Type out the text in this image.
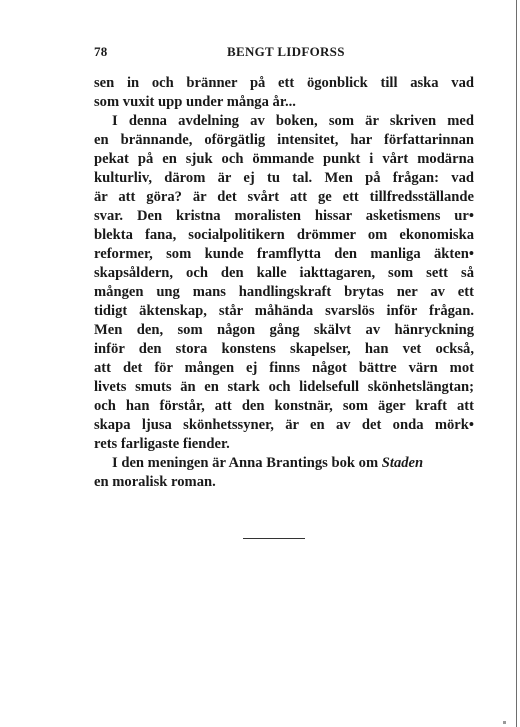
78	BENGT LIDFORSS
sen in och bränner på ett ögonblick till aska vad
som vuxit upp under många år...
I denna avdelning av boken, som är skriven med
en brännande, oförgätlig intensitet, har författarinnan
pekat på en sjuk och ömmande punkt i vårt modärna
kulturliv, därom är ej tu tal. Men på frågan: vad
är att göra? är det svårt att ge ett tillfredsställande
svar. Den kristna moralisten hissar asketismens ur•
blekta fana, socialpolitikern drömmer om ekonomiska
reformer, som kunde framflytta den manliga äkten•
skapsåldern, och den kalle iakttagaren, som sett så
mången ung mans handlingskraft brytas ner av ett
tidigt äktenskap, står måhända svarslös inför frågan.
Men den, som någon gång skälvt av hänryckning
inför den stora konstens skapelser, han vet också,
att det för mången ej finns något bättre värn mot
livets smuts än en stark och lidelsefull skönhetslängtan;
och han förstår, att den konstnär, som äger kraft att
skapa ljusa skönhetssyner, är en av det onda mörk•
rets farligaste fiender.
I den meningen är Anna Brantings bok om Staden
en moralisk roman.
